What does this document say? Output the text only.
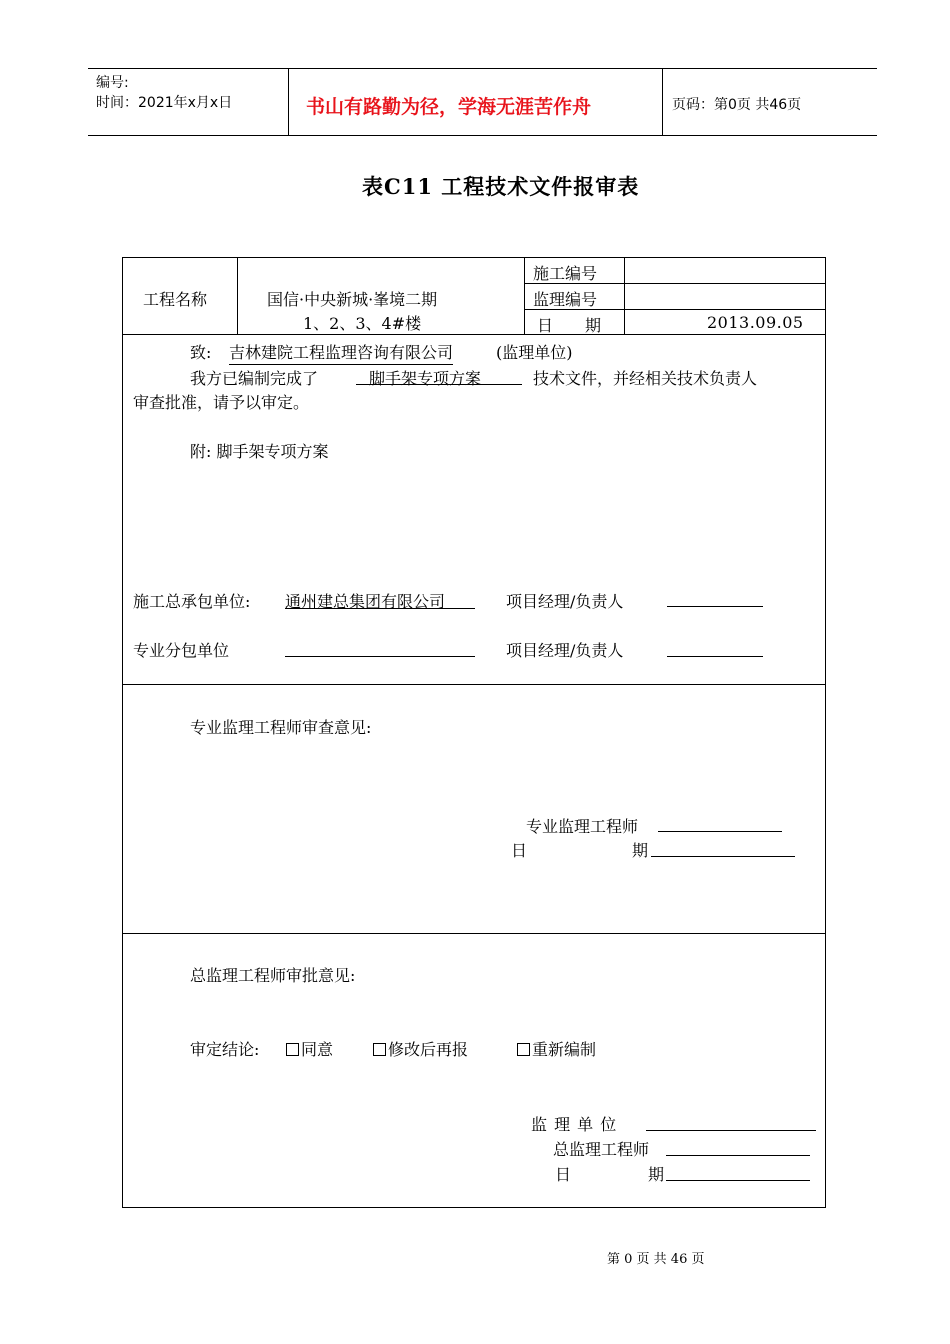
编号:
时间：2021年x月x日	书山有路勤为径，学海无涯苦作舟	页码：第0页 共46页
表C11 工程技术文件报审表
工程名称	国信·中央新城·峯境二期
1、2、3、4#楼
施工编号
监理编号
日　　期	2013.09.05
致: 吉林建院工程监理咨询有限公司	(监理单位)
我方已编制完成了	脚手架专项方案	技术文件，并经相关技术负责人
审查批准，请予以审定。
附: 脚手架专项方案
施工总承包单位: 通州建总集团有限公司	项目经理/负责人
专业分包单位	项目经理/负责人
专业监理工程师审查意见:
专业监理工程师
日	期
总监理工程师审批意见:
审定结论:	同意	修改后再报	重新编制
监 理 单 位
总监理工程师
日	期
第 0 页 共 46 页
